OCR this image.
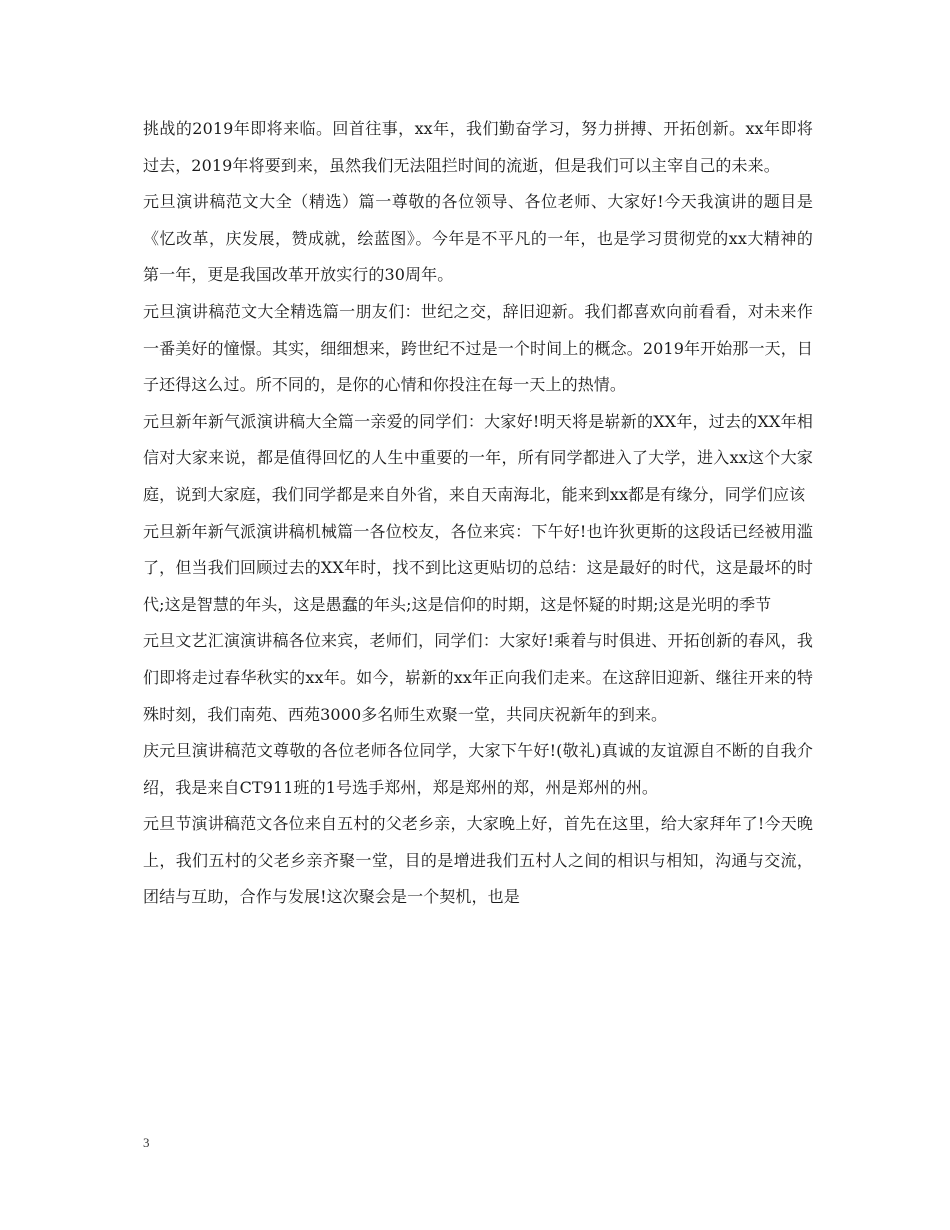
挑战的2019年即将来临。回首往事，xx年，我们勤奋学习，努力拼搏、开拓创新。xx年即将过去，2019年将要到来，虽然我们无法阻拦时间的流逝，但是我们可以主宰自己的未来。

元旦演讲稿范文大全（精选）篇一尊敬的各位领导、各位老师、大家好!今天我演讲的题目是《忆改革，庆发展，赞成就，绘蓝图》。今年是不平凡的一年，也是学习贯彻党的xx大精神的第一年，更是我国改革开放实行的30周年。

元旦演讲稿范文大全精选篇一朋友们：世纪之交，辞旧迎新。我们都喜欢向前看看，对未来作一番美好的憧憬。其实，细细想来，跨世纪不过是一个时间上的概念。2019年开始那一天，日子还得这么过。所不同的，是你的心情和你投注在每一天上的热情。

元旦新年新气派演讲稿大全篇一亲爱的同学们：大家好!明天将是崭新的XX年，过去的XX年相信对大家来说，都是值得回忆的人生中重要的一年，所有同学都进入了大学，进入xx这个大家庭，说到大家庭，我们同学都是来自外省，来自天南海北，能来到xx都是有缘分，同学们应该

元旦新年新气派演讲稿机械篇一各位校友，各位来宾：下午好!也许狄更斯的这段话已经被用滥了，但当我们回顾过去的XX年时，找不到比这更贴切的总结：这是最好的时代，这是最坏的时代;这是智慧的年头，这是愚蠢的年头;这是信仰的时期，这是怀疑的时期;这是光明的季节

元旦文艺汇演演讲稿各位来宾，老师们，同学们：大家好!乘着与时俱进、开拓创新的春风，我们即将走过春华秋实的xx年。如今，崭新的xx年正向我们走来。在这辞旧迎新、继往开来的特殊时刻，我们南苑、西苑3000多名师生欢聚一堂，共同庆祝新年的到来。

庆元旦演讲稿范文尊敬的各位老师各位同学，大家下午好!(敬礼)真诚的友谊源自不断的自我介绍，我是来自CT911班的1号选手郑州，郑是郑州的郑，州是郑州的州。

元旦节演讲稿范文各位来自五村的父老乡亲，大家晚上好，首先在这里，给大家拜年了!今天晚上，我们五村的父老乡亲齐聚一堂，目的是增进我们五村人之间的相识与相知，沟通与交流，团结与互助，合作与发展!这次聚会是一个契机，也是

3
